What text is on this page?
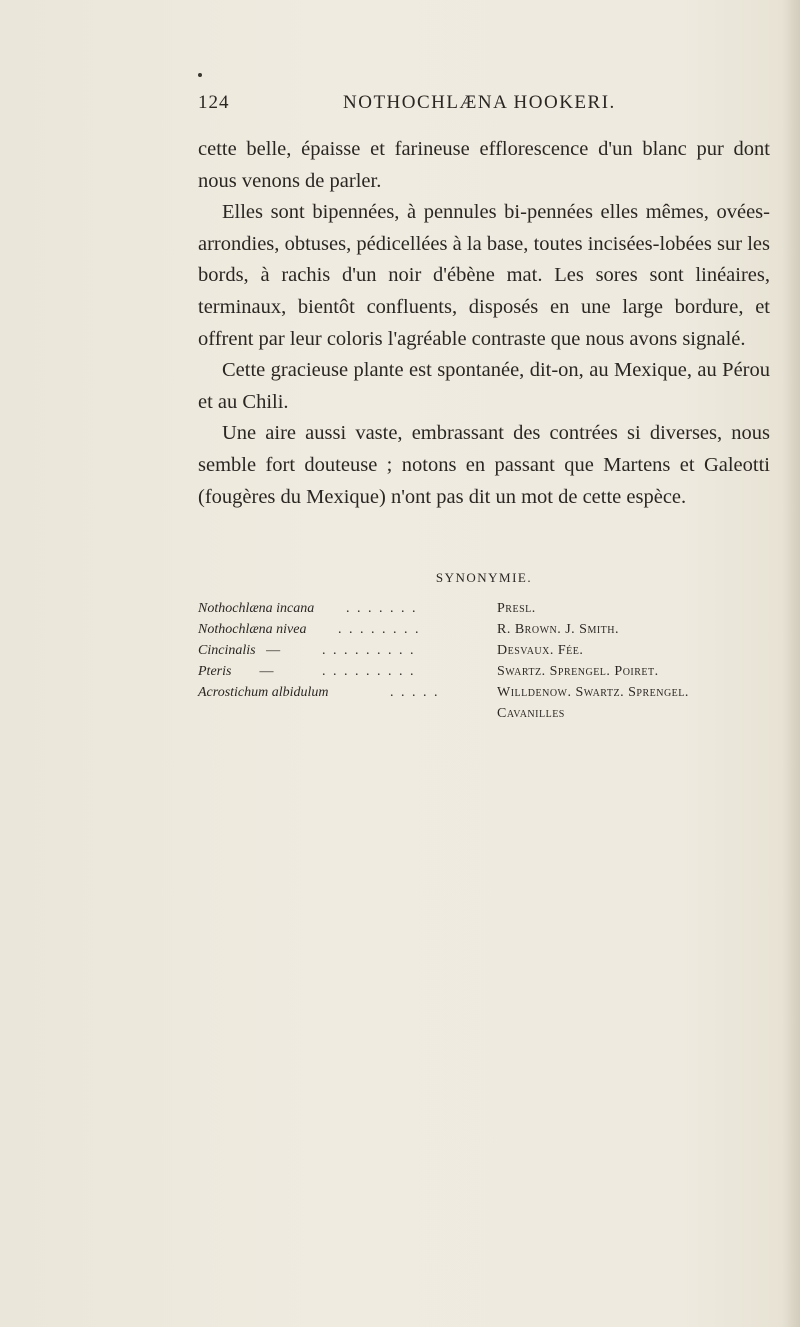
124	NOTHOCHLÆNA HOOKERI.

cette belle, épaisse et farineuse efflorescence d'un blanc pur dont nous venons de parler.

Elles sont bipennées, à pennules bi-pennées elles mêmes, ovées-arrondies, obtuses, pédicellées à la base, toutes incisées-lobées sur les bords, à rachis d'un noir d'ébène mat. Les sores sont linéaires, terminaux, bientôt confluents, disposés en une large bordure, et offrent par leur coloris l'agréable contraste que nous avons signalé.

Cette gracieuse plante est spontanée, dit-on, au Mexique, au Pérou et au Chili.

Une aire aussi vaste, embrassant des contrées si diverses, nous semble fort douteuse ; notons en passant que Martens et Galeotti (fougères du Mexique) n'ont pas dit un mot de cette espèce.

SYNONYMIE.
Nothochlæna incana . . . . . . .	Presl.
Nothochlæna nivea . . . . . . . .	R. Brown. J. Smith.
Cincinalis —	. . . . . . . . .	Desvaux. Fée.
Pteris —	. . . . . . . . .	Swartz. Sprengel. Poiret.
Acrostichum albidulum	. . . . .	Willdenow. Swartz. Sprengel.
Cavanilles
